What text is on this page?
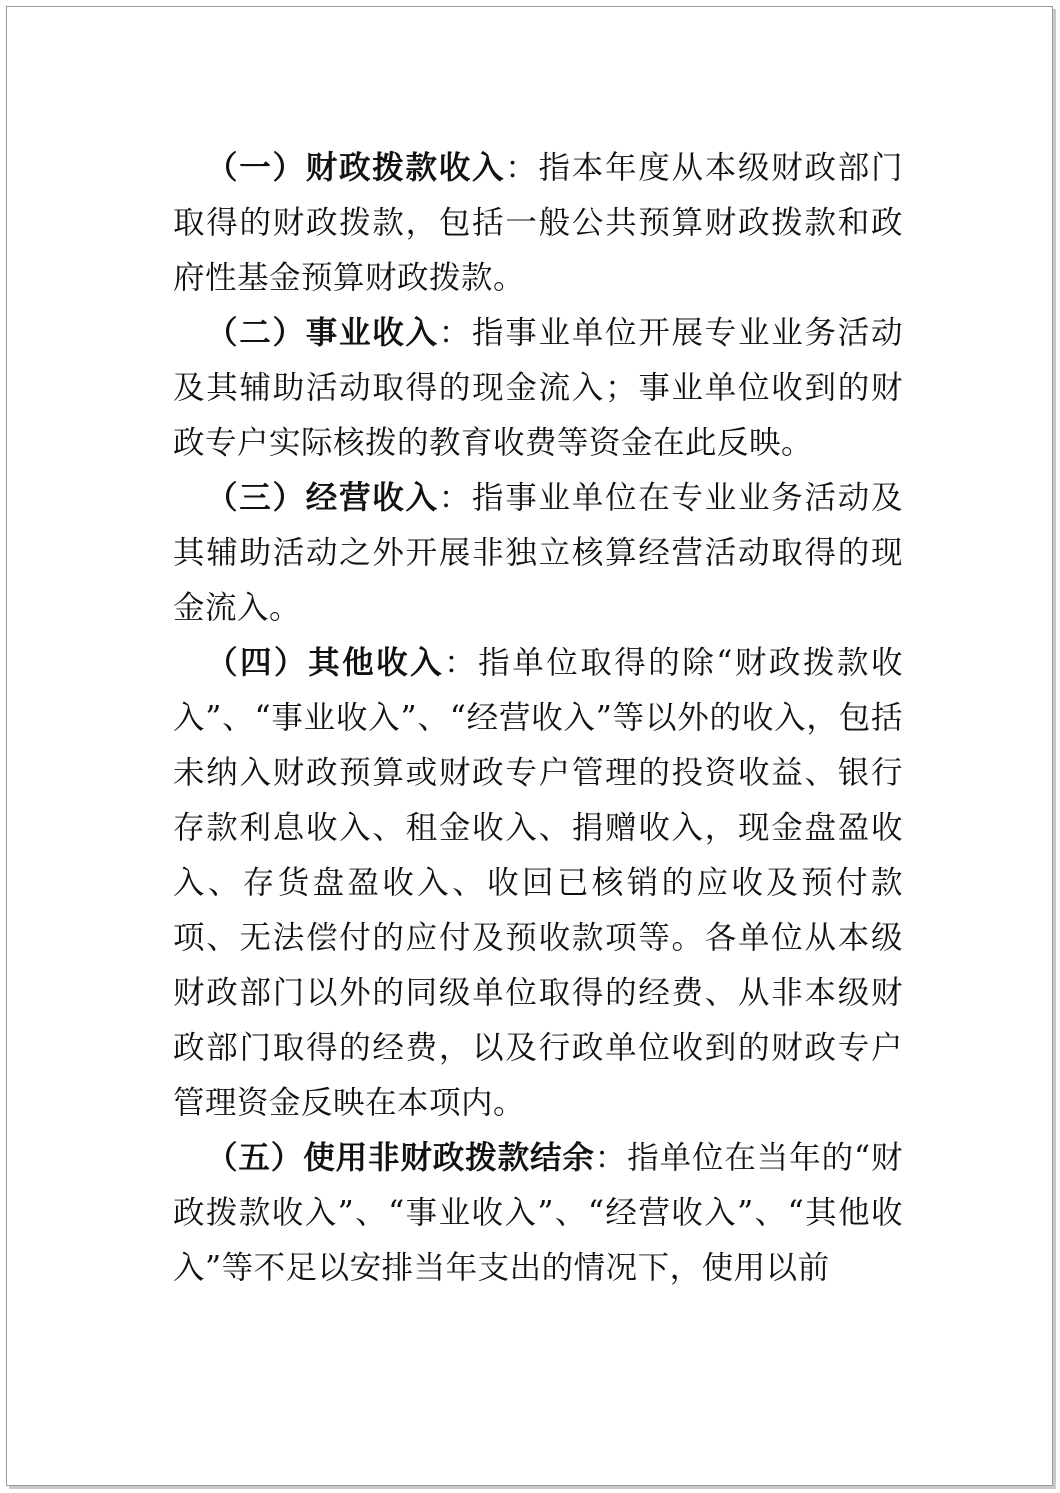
（一）财政拨款收入：指本年度从本级财政部门取得的财政拨款，包括一般公共预算财政拨款和政府性基金预算财政拨款。

（二）事业收入：指事业单位开展专业业务活动及其辅助活动取得的现金流入；事业单位收到的财政专户实际核拨的教育收费等资金在此反映。

（三）经营收入：指事业单位在专业业务活动及其辅助活动之外开展非独立核算经营活动取得的现金流入。

（四）其他收入：指单位取得的除“财政拨款收入”、“事业收入”、“经营收入”等以外的收入，包括未纳入财政预算或财政专户管理的投资收益、银行存款利息收入、租金收入、捐赠收入，现金盘盈收入、存货盘盈收入、收回已核销的应收及预付款项、无法偿付的应付及预收款项等。各单位从本级财政部门以外的同级单位取得的经费、从非本级财政部门取得的经费，以及行政单位收到的财政专户管理资金反映在本项内。

（五）使用非财政拨款结余：指单位在当年的“财政拨款收入”、“事业收入”、“经营收入”、“其他收入”等不足以安排当年支出的情况下，使用以前
